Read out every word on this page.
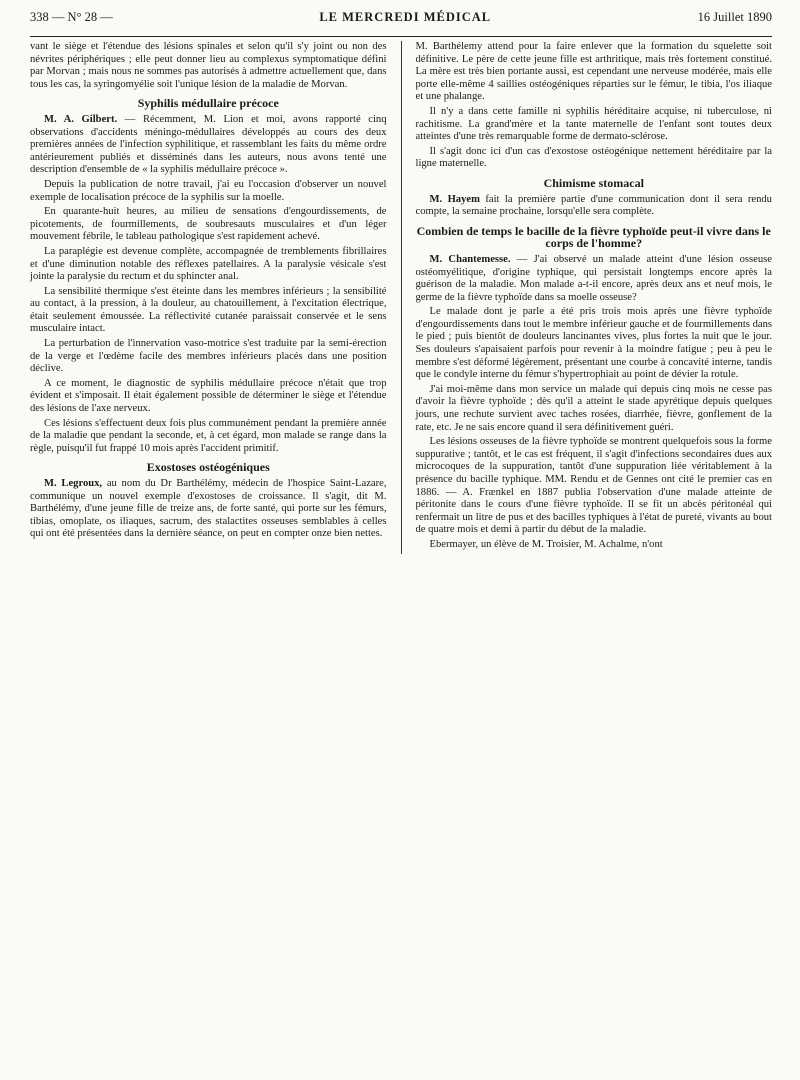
338 — N° 28 —	LE MERCREDI MÉDICAL	16 Juillet 1890

vant le siège et l'étendue des lésions spinales et selon qu'il s'y joint ou non des névrites périphériques ; elle peut donner lieu au complexus symptomatique défini par Morvan ; mais nous ne sommes pas autorisés à admettre actuellement que, dans tous les cas, la syringomyélie soit l'unique lésion de la maladie de Morvan.

Syphilis médullaire précoce

M. A. Gilbert. — Récemment, M. Lion et moi, avons rapporté cinq observations d'accidents méningo-médullaires développés au cours des deux premières années de l'infection syphilitique, et rassemblant les faits du même ordre antérieurement publiés et disséminés dans les auteurs, nous avons tenté une description d'ensemble de « la syphilis médullaire précoce ».

Depuis la publication de notre travail, j'ai eu l'occasion d'observer un nouvel exemple de localisation précoce de la syphilis sur la moelle.

En quarante-huit heures, au milieu de sensations d'engourdissements, de picotements, de fourmillements, de soubresauts musculaires et d'un léger mouvement fébrile, le tableau pathologique s'est rapidement achevé.

La paraplégie est devenue complète, accompagnée de tremblements fibrillaires et d'une diminution notable des réflexes patellaires. A la paralysie vésicale s'est jointe la paralysie du rectum et du sphincter anal.

La sensibilité thermique s'est éteinte dans les membres inférieurs ; la sensibilité au contact, à la pression, à la douleur, au chatouillement, à l'excitation électrique, était seulement émoussée. La réflectivité cutanée paraissait conservée et le sens musculaire intact.

La perturbation de l'innervation vaso-motrice s'est traduite par la semi-érection de la verge et l'œdème facile des membres inférieurs placés dans une position déclive.

A ce moment, le diagnostic de syphilis médullaire précoce n'était que trop évident et s'imposait. Il était également possible de déterminer le siège et l'étendue des lésions de l'axe nerveux.

Ces lésions s'effectuent deux fois plus communément pendant la première année de la maladie que pendant la seconde, et, à cet égard, mon malade se range dans la règle, puisqu'il fut frappé 10 mois après l'accident primitif.

Exostoses ostéogéniques

M. Legroux, au nom du Dr Barthélémy, médecin de l'hospice Saint-Lazare, communique un nouvel exemple d'exostoses de croissance. Il s'agit, dit M. Barthélémy, d'une jeune fille de treize ans, de forte santé, qui porte sur les fémurs, tibias, omoplate, os iliaques, sacrum, des stalactites osseuses semblables à celles qui ont été présentées dans la dernière séance, on peut en compter onze bien nettes.

M. Barthélemy attend pour la faire enlever que la formation du squelette soit définitive. Le père de cette jeune fille est arthritique, mais très fortement constitué. La mère est très bien portante aussi, est cependant une nerveuse modérée, mais elle porte elle-même 4 saillies ostéogéniques réparties sur le fémur, le tibia, l'os iliaque et une phalange.

Il n'y a dans cette famille ni syphilis héréditaire acquise, ni tuberculose, ni rachitisme. La grand'mère et la tante maternelle de l'enfant sont toutes deux atteintes d'une très remarquable forme de dermato-sclérose.

Il s'agit donc ici d'un cas d'exostose ostéogénique nettement héréditaire par la ligne maternelle.

Chimisme stomacal

M. Hayem fait la première partie d'une communication dont il sera rendu compte, la semaine prochaine, lorsqu'elle sera complète.

Combien de temps le bacille de la fièvre typhoïde peut-il vivre dans le corps de l'homme?

M. Chantemesse. — J'ai observé un malade atteint d'une lésion osseuse ostéomyélitique, d'origine typhique, qui persistait longtemps encore après la guérison de la maladie. Mon malade a-t-il encore, après deux ans et neuf mois, le germe de la fièvre typhoïde dans sa moelle osseuse?

Le malade dont je parle a été pris trois mois après une fièvre typhoïde d'engourdissements dans tout le membre inférieur gauche et de fourmillements dans le pied ; puis bientôt de douleurs lancinantes vives, plus fortes la nuit que le jour. Ses douleurs s'apaisaient parfois pour revenir à la moindre fatigue ; peu à peu le membre s'est déformé légèrement, présentant une courbe à concavité interne, tandis que le condyle interne du fémur s'hypertrophiait au point de dévier la rotule.

J'ai moi-même dans mon service un malade qui depuis cinq mois ne cesse pas d'avoir la fièvre typhoïde ; dès qu'il a atteint le stade apyrétique depuis quelques jours, une rechute survient avec taches rosées, diarrhée, fièvre, gonflement de la rate, etc. Je ne sais encore quand il sera définitivement guéri.

Les lésions osseuses de la fièvre typhoïde se montrent quelquefois sous la forme suppurative ; tantôt, et le cas est fréquent, il s'agit d'infections secondaires dues aux microcoques de la suppuration, tantôt d'une suppuration liée véritablement à la présence du bacille typhique. MM. Rendu et de Gennes ont cité le premier cas en 1886. — A. Frænkel en 1887 publia l'observation d'une malade atteinte de péritonite dans le cours d'une fièvre typhoïde. Il se fit un abcès péritonéal qui renfermait un litre de pus et des bacilles typhiques à l'état de pureté, vivants au bout de quatre mois et demi à partir du début de la maladie.

Ebermayer, un élève de M. Troisier, M. Achalme, n'ont
